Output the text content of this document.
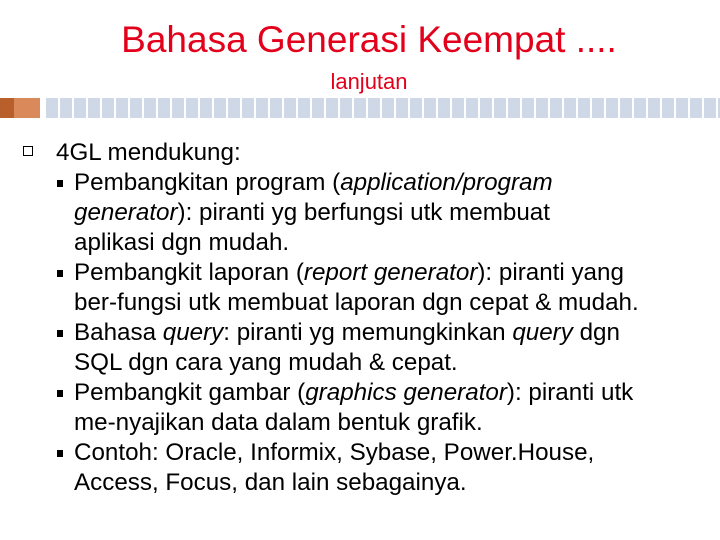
Bahasa Generasi Keempat ....
lanjutan
4GL mendukung:
Pembangkitan program (application/program
generator): piranti yg berfungsi utk membuat
aplikasi dgn mudah.
Pembangkit laporan (report generator): piranti yang
ber-fungsi utk membuat laporan dgn cepat & mudah.
Bahasa query: piranti yg memungkinkan query dgn
SQL dgn cara yang mudah & cepat.
Pembangkit gambar (graphics generator): piranti utk
me-nyajikan data dalam bentuk grafik.
Contoh: Oracle, Informix, Sybase, Power.House,
Access, Focus, dan lain sebagainya.
